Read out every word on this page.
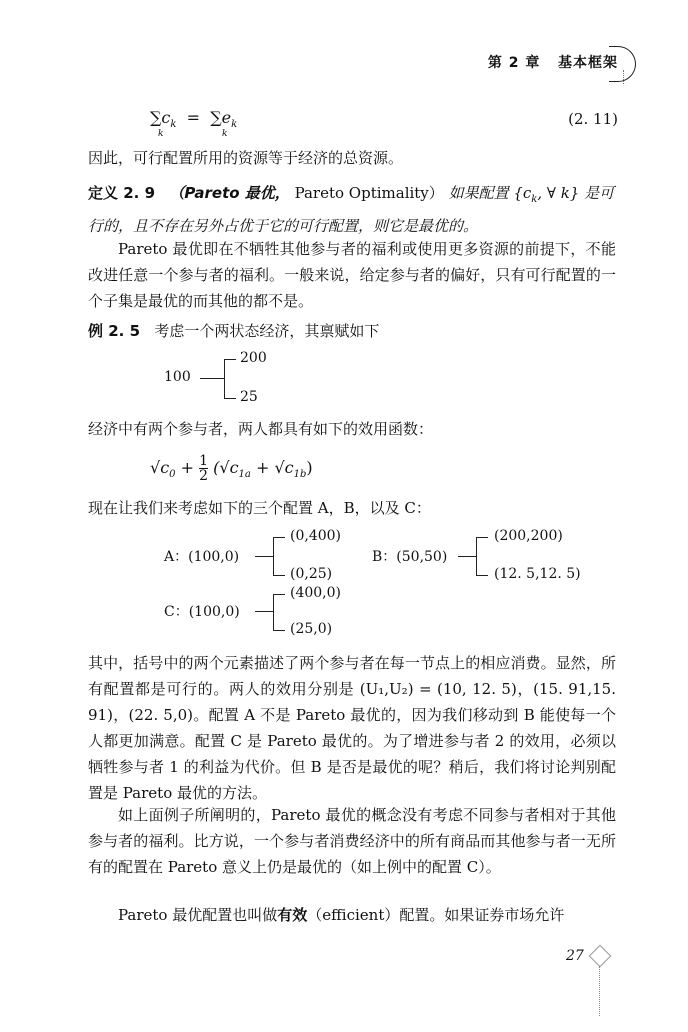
第 2 章 基本框架
$\sum c_k = \sum e_k$
k	k
(2. 11)
因此，可行配置所用的资源等于经济的总资源。
定义 2. 9 （Pareto 最优， Pareto Optimality） 如果配置 {$c_k$, ∀ k} 是可
行的，且不存在另外占优于它的可行配置，则它是最优的。
Pareto 最优即在不牺牲其他参与者的福利或使用更多资源的前提下，不能改进任意一个参与者的福利。一般来说，给定参与者的偏好，只有可行配置的一个子集是最优的而其他的都不是。
例 2. 5 考虑一个两状态经济，其禀赋如下
100
200
25
经济中有两个参与者，两人都具有如下的效用函数：
$√c_0 + \frac{1}{2} (√c_{1a} + √c_{1b})$
现在让我们来考虑如下的三个配置 A，B，以及 C：
A：(100,0)
(0,400)
(0,25)
B：(50,50)
(200,200)
(12. 5,12. 5)
C：(100,0)
(400,0)
(25,0)
其中，括号中的两个元素描述了两个参与者在每一节点上的相应消费。显然，所有配置都是可行的。两人的效用分别是 (U₁,U₂) = (10, 12. 5)，(15. 91,15. 91)，(22. 5,0)。配置 A 不是 Pareto 最优的，因为我们移动到 B 能使每一个人都更加满意。配置 C 是 Pareto 最优的。为了增进参与者 2 的效用，必须以牺牲参与者 1 的利益为代价。但 B 是否是最优的呢？稍后，我们将讨论判别配置是 Pareto 最优的方法。
如上面例子所阐明的，Pareto 最优的概念没有考虑不同参与者相对于其他参与者的福利。比方说，一个参与者消费经济中的所有商品而其他参与者一无所有的配置在 Pareto 意义上仍是最优的（如上例中的配置 C）。
Pareto 最优配置也叫做有效（efficient）配置。如果证券市场允许
27
